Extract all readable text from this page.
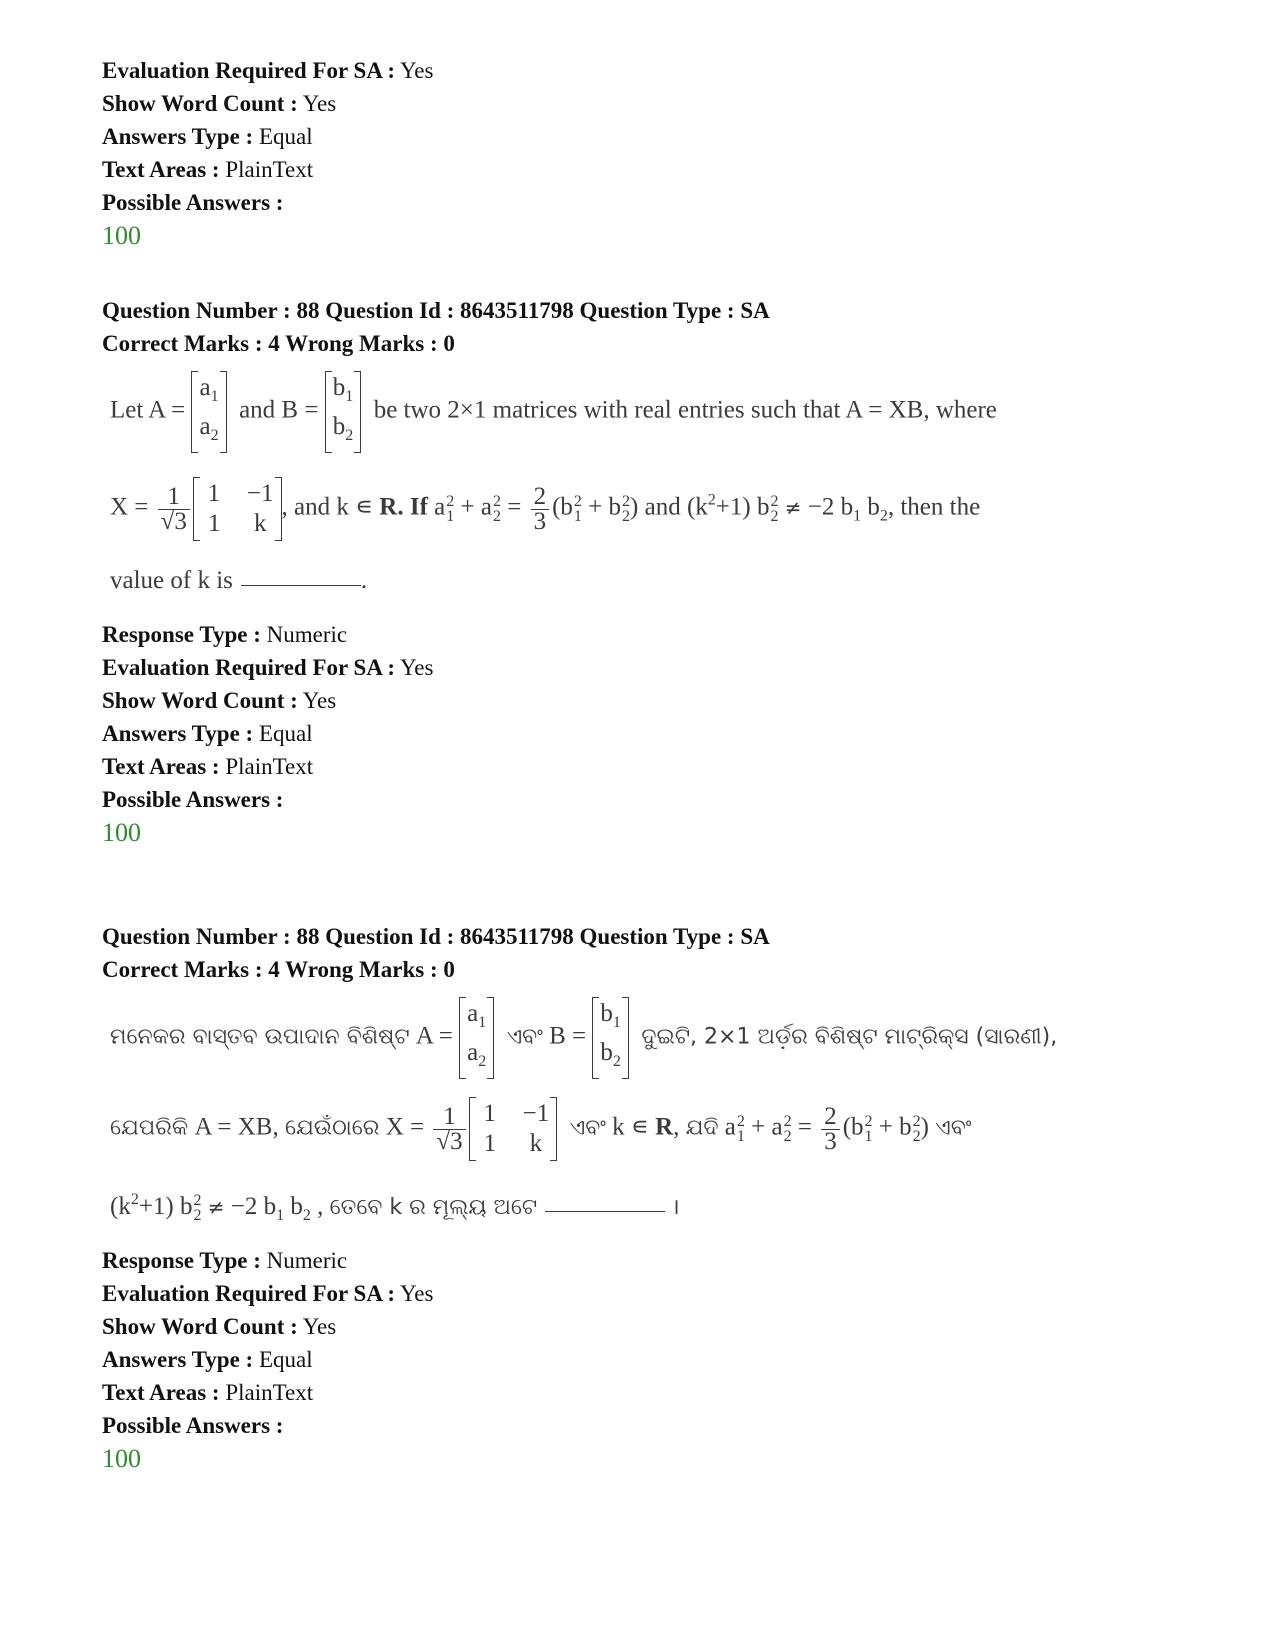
Evaluation Required For SA : Yes
Show Word Count : Yes
Answers Type : Equal
Text Areas : PlainText
Possible Answers :
100
Question Number : 88 Question Id : 8643511798 Question Type : SA
Correct Marks : 4 Wrong Marks : 0
Let A =
$a_1$
$a_2$
and B =
$b_1$
$b_2$
be two 2×1 matrices with real entries such that A = XB, where
$X = \frac{1}{√3} 1 -1$
1 k
, and k ∊ R. If a 2
1 + a 2
$2 = \frac{2}{3} (b$ 2
1 + b 2
2 ) and $(k^2+1)$ b 2
2 ≠ −2 $b_1$ $b_2$, then the
value of k is	.
Response Type : Numeric
Evaluation Required For SA : Yes
Show Word Count : Yes
Answers Type : Equal
Text Areas : PlainText
Possible Answers :
100
Question Number : 88 Question Id : 8643511798 Question Type : SA
Correct Marks : 4 Wrong Marks : 0
ମନେକର ବାସ୍ତବ ଉପାଦାନ ବିଶିଷ୍ଟ A =
$a_1$
$a_2$
ଏବଂ B =
$b_1$
$b_2$
ଦୁଇଟି, 2×1 ଅର୍ଡ଼ର ବିଶିଷ୍ଟ ମାଟ୍ରିକ୍ସ (ସାରଣୀ),
ଯେପରିକି A = XB, ଯେଉଁଠାରେ $X = \frac{1}{√3} 1 -1$
1 k
ଏବଂ k ∊ R, ଯଦି a 2
1 + a 2
$2 = \frac{2}{3} (b$ 2
1 + b 2
2 ) ଏବଂ
$(k^2+1)$ b 2
2 ≠ −2 $b_1$ $b_2$ , ତେବେ k ର ମୂଲ୍ୟ ଅଟେ	।
Response Type : Numeric
Evaluation Required For SA : Yes
Show Word Count : Yes
Answers Type : Equal
Text Areas : PlainText
Possible Answers :
100
